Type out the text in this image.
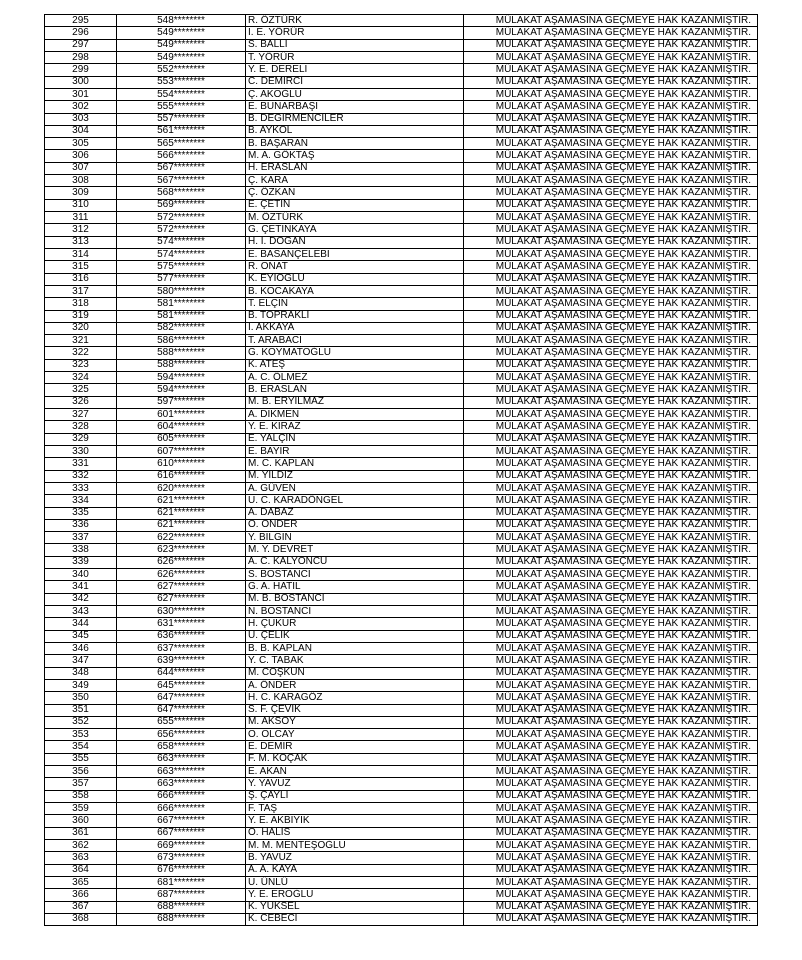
295	548********	R. ÖZTÜRK	MÜLAKAT AŞAMASINA GEÇMEYE HAK KAZANMIŞTIR.
296	549********	İ. E. YÖRÜR	MÜLAKAT AŞAMASINA GEÇMEYE HAK KAZANMIŞTIR.
297	549********	S. BALLI	MÜLAKAT AŞAMASINA GEÇMEYE HAK KAZANMIŞTIR.
298	549********	T. YÖRÜR	MÜLAKAT AŞAMASINA GEÇMEYE HAK KAZANMIŞTIR.
299	552********	Y. E. DERELİ	MÜLAKAT AŞAMASINA GEÇMEYE HAK KAZANMIŞTIR.
300	553********	C. DEMİRCİ	MÜLAKAT AŞAMASINA GEÇMEYE HAK KAZANMIŞTIR.
301	554********	Ç. AKOĞLU	MÜLAKAT AŞAMASINA GEÇMEYE HAK KAZANMIŞTIR.
302	555********	E. BUNARBAŞI	MÜLAKAT AŞAMASINA GEÇMEYE HAK KAZANMIŞTIR.
303	557********	B. DEĞİRMENCİLER	MÜLAKAT AŞAMASINA GEÇMEYE HAK KAZANMIŞTIR.
304	561********	B. AYKOL	MÜLAKAT AŞAMASINA GEÇMEYE HAK KAZANMIŞTIR.
305	565********	B. BAŞARAN	MÜLAKAT AŞAMASINA GEÇMEYE HAK KAZANMIŞTIR.
306	566********	M. A. GÖKTAŞ	MÜLAKAT AŞAMASINA GEÇMEYE HAK KAZANMIŞTIR.
307	567********	H. ERASLAN	MÜLAKAT AŞAMASINA GEÇMEYE HAK KAZANMIŞTIR.
308	567********	Ç. KARA	MÜLAKAT AŞAMASINA GEÇMEYE HAK KAZANMIŞTIR.
309	568********	Ç. ÖZKAN	MÜLAKAT AŞAMASINA GEÇMEYE HAK KAZANMIŞTIR.
310	569********	E. ÇETİN	MÜLAKAT AŞAMASINA GEÇMEYE HAK KAZANMIŞTIR.
311	572********	M. ÖZTÜRK	MÜLAKAT AŞAMASINA GEÇMEYE HAK KAZANMIŞTIR.
312	572********	G. ÇETİNKAYA	MÜLAKAT AŞAMASINA GEÇMEYE HAK KAZANMIŞTIR.
313	574********	H. İ. DOĞAN	MÜLAKAT AŞAMASINA GEÇMEYE HAK KAZANMIŞTIR.
314	574********	E. BASANÇELEBİ	MÜLAKAT AŞAMASINA GEÇMEYE HAK KAZANMIŞTIR.
315	575********	R. ONAT	MÜLAKAT AŞAMASINA GEÇMEYE HAK KAZANMIŞTIR.
316	577********	K. EYİOĞLU	MÜLAKAT AŞAMASINA GEÇMEYE HAK KAZANMIŞTIR.
317	580********	B. KOCAKAYA	MÜLAKAT AŞAMASINA GEÇMEYE HAK KAZANMIŞTIR.
318	581********	T. ELÇİN	MÜLAKAT AŞAMASINA GEÇMEYE HAK KAZANMIŞTIR.
319	581********	B. TOPRAKLI	MÜLAKAT AŞAMASINA GEÇMEYE HAK KAZANMIŞTIR.
320	582********	İ. AKKAYA	MÜLAKAT AŞAMASINA GEÇMEYE HAK KAZANMIŞTIR.
321	586********	T. ARABACI	MÜLAKAT AŞAMASINA GEÇMEYE HAK KAZANMIŞTIR.
322	588********	G. KOYMATOĞLU	MÜLAKAT AŞAMASINA GEÇMEYE HAK KAZANMIŞTIR.
323	588********	K. ATEŞ	MÜLAKAT AŞAMASINA GEÇMEYE HAK KAZANMIŞTIR.
324	594********	A. C. ÖLMEZ	MÜLAKAT AŞAMASINA GEÇMEYE HAK KAZANMIŞTIR.
325	594********	B. ERASLAN	MÜLAKAT AŞAMASINA GEÇMEYE HAK KAZANMIŞTIR.
326	597********	M. B. ERYILMAZ	MÜLAKAT AŞAMASINA GEÇMEYE HAK KAZANMIŞTIR.
327	601********	A. DİKMEN	MÜLAKAT AŞAMASINA GEÇMEYE HAK KAZANMIŞTIR.
328	604********	Y. E. KİRAZ	MÜLAKAT AŞAMASINA GEÇMEYE HAK KAZANMIŞTIR.
329	605********	E. YALÇIN	MÜLAKAT AŞAMASINA GEÇMEYE HAK KAZANMIŞTIR.
330	607********	E. BAYIR	MÜLAKAT AŞAMASINA GEÇMEYE HAK KAZANMIŞTIR.
331	610********	M. C. KAPLAN	MÜLAKAT AŞAMASINA GEÇMEYE HAK KAZANMIŞTIR.
332	616********	M. YILDIZ	MÜLAKAT AŞAMASINA GEÇMEYE HAK KAZANMIŞTIR.
333	620********	A. GÜVEN	MÜLAKAT AŞAMASINA GEÇMEYE HAK KAZANMIŞTIR.
334	621********	U. C. KARADÖNGEL	MÜLAKAT AŞAMASINA GEÇMEYE HAK KAZANMIŞTIR.
335	621********	A. DABAZ	MÜLAKAT AŞAMASINA GEÇMEYE HAK KAZANMIŞTIR.
336	621********	Ö. ÖNDER	MÜLAKAT AŞAMASINA GEÇMEYE HAK KAZANMIŞTIR.
337	622********	Y. BİLGİN	MÜLAKAT AŞAMASINA GEÇMEYE HAK KAZANMIŞTIR.
338	623********	M. Y. DEVRET	MÜLAKAT AŞAMASINA GEÇMEYE HAK KAZANMIŞTIR.
339	626********	A. C. KALYONCU	MÜLAKAT AŞAMASINA GEÇMEYE HAK KAZANMIŞTIR.
340	626********	S. BOSTANCI	MÜLAKAT AŞAMASINA GEÇMEYE HAK KAZANMIŞTIR.
341	627********	G. A. HATIL	MÜLAKAT AŞAMASINA GEÇMEYE HAK KAZANMIŞTIR.
342	627********	M. B. BOSTANCI	MÜLAKAT AŞAMASINA GEÇMEYE HAK KAZANMIŞTIR.
343	630********	N. BOSTANCI	MÜLAKAT AŞAMASINA GEÇMEYE HAK KAZANMIŞTIR.
344	631********	H. ÇUKUR	MÜLAKAT AŞAMASINA GEÇMEYE HAK KAZANMIŞTIR.
345	636********	U. ÇELİK	MÜLAKAT AŞAMASINA GEÇMEYE HAK KAZANMIŞTIR.
346	637********	B. B. KAPLAN	MÜLAKAT AŞAMASINA GEÇMEYE HAK KAZANMIŞTIR.
347	639********	Y. C. TABAK	MÜLAKAT AŞAMASINA GEÇMEYE HAK KAZANMIŞTIR.
348	644********	M. COŞKUN	MÜLAKAT AŞAMASINA GEÇMEYE HAK KAZANMIŞTIR.
349	645********	A. ÖNDER	MÜLAKAT AŞAMASINA GEÇMEYE HAK KAZANMIŞTIR.
350	647********	H. C. KARAGÖZ	MÜLAKAT AŞAMASINA GEÇMEYE HAK KAZANMIŞTIR.
351	647********	S. F. ÇEVİK	MÜLAKAT AŞAMASINA GEÇMEYE HAK KAZANMIŞTIR.
352	655********	M. AKSOY	MÜLAKAT AŞAMASINA GEÇMEYE HAK KAZANMIŞTIR.
353	656********	O. OLCAY	MÜLAKAT AŞAMASINA GEÇMEYE HAK KAZANMIŞTIR.
354	658********	E. DEMİR	MÜLAKAT AŞAMASINA GEÇMEYE HAK KAZANMIŞTIR.
355	663********	F. M. KOÇAK	MÜLAKAT AŞAMASINA GEÇMEYE HAK KAZANMIŞTIR.
356	663********	E. AKAN	MÜLAKAT AŞAMASINA GEÇMEYE HAK KAZANMIŞTIR.
357	663********	Y. YAVUZ	MÜLAKAT AŞAMASINA GEÇMEYE HAK KAZANMIŞTIR.
358	666********	Ş. ÇAYLI	MÜLAKAT AŞAMASINA GEÇMEYE HAK KAZANMIŞTIR.
359	666********	F. TAŞ	MÜLAKAT AŞAMASINA GEÇMEYE HAK KAZANMIŞTIR.
360	667********	Y. E. AKBIYIK	MÜLAKAT AŞAMASINA GEÇMEYE HAK KAZANMIŞTIR.
361	667********	O. HALİS	MÜLAKAT AŞAMASINA GEÇMEYE HAK KAZANMIŞTIR.
362	669********	M. M. MENTEŞOĞLU	MÜLAKAT AŞAMASINA GEÇMEYE HAK KAZANMIŞTIR.
363	673********	B. YAVUZ	MÜLAKAT AŞAMASINA GEÇMEYE HAK KAZANMIŞTIR.
364	676********	A. A. KAYA	MÜLAKAT AŞAMASINA GEÇMEYE HAK KAZANMIŞTIR.
365	681********	U. ÜNLÜ	MÜLAKAT AŞAMASINA GEÇMEYE HAK KAZANMIŞTIR.
366	687********	Y. E. EROĞLU	MÜLAKAT AŞAMASINA GEÇMEYE HAK KAZANMIŞTIR.
367	688********	K. YÜKSEL	MÜLAKAT AŞAMASINA GEÇMEYE HAK KAZANMIŞTIR.
368	688********	K. CEBECİ	MÜLAKAT AŞAMASINA GEÇMEYE HAK KAZANMIŞTIR.
